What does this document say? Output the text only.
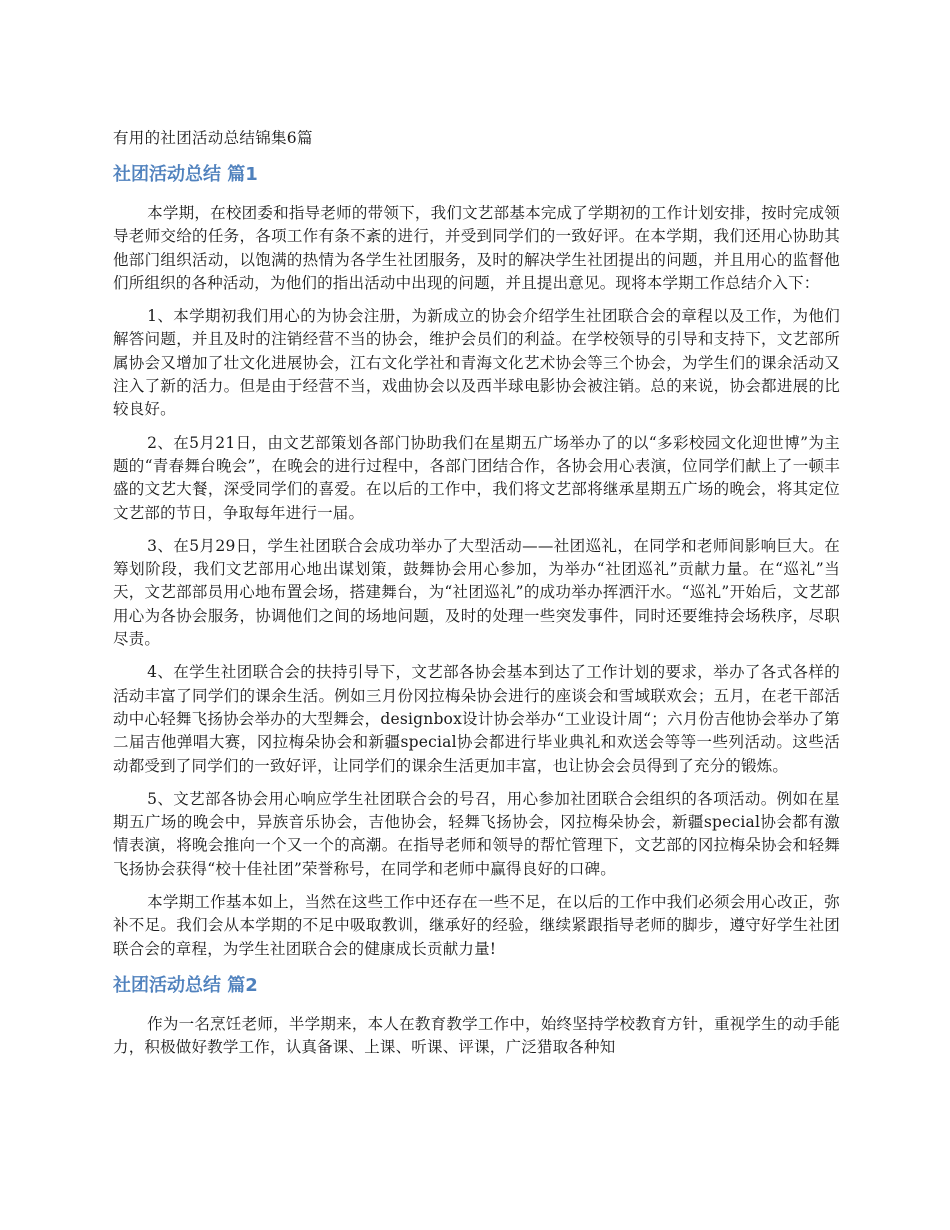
有用的社团活动总结锦集6篇
社团活动总结 篇1

本学期，在校团委和指导老师的带领下，我们文艺部基本完成了学期初的工作计划安排，按时完成领导老师交给的任务，各项工作有条不紊的进行，并受到同学们的一致好评。在本学期，我们还用心协助其他部门组织活动，以饱满的热情为各学生社团服务，及时的解决学生社团提出的问题，并且用心的监督他们所组织的各种活动，为他们的指出活动中出现的问题，并且提出意见。现将本学期工作总结介入下：

1、本学期初我们用心的为协会注册，为新成立的协会介绍学生社团联合会的章程以及工作，为他们解答问题，并且及时的注销经营不当的协会，维护会员们的利益。在学校领导的引导和支持下，文艺部所属协会又增加了壮文化进展协会，江右文化学社和青海文化艺术协会等三个协会，为学生们的课余活动又注入了新的活力。但是由于经营不当，戏曲协会以及西半球电影协会被注销。总的来说，协会都进展的比较良好。

2、在5月21日，由文艺部策划各部门协助我们在星期五广场举办了的以“多彩校园文化迎世博”为主题的“青春舞台晚会”，在晚会的进行过程中，各部门团结合作，各协会用心表演，位同学们献上了一顿丰盛的文艺大餐，深受同学们的喜爱。在以后的工作中，我们将文艺部将继承星期五广场的晚会，将其定位文艺部的节日，争取每年进行一届。

3、在5月29日，学生社团联合会成功举办了大型活动——社团巡礼，在同学和老师间影响巨大。在筹划阶段，我们文艺部用心地出谋划策，鼓舞协会用心参加，为举办“社团巡礼”贡献力量。在“巡礼”当天，文艺部部员用心地布置会场，搭建舞台，为“社团巡礼”的成功举办挥洒汗水。“巡礼”开始后，文艺部用心为各协会服务，协调他们之间的场地问题，及时的处理一些突发事件，同时还要维持会场秩序，尽职尽责。

4、在学生社团联合会的扶持引导下，文艺部各协会基本到达了工作计划的要求，举办了各式各样的活动丰富了同学们的课余生活。例如三月份冈拉梅朵协会进行的座谈会和雪域联欢会；五月，在老干部活动中心轻舞飞扬协会举办的大型舞会，designbox设计协会举办“工业设计周“；六月份吉他协会举办了第二届吉他弹唱大赛，冈拉梅朵协会和新疆special协会都进行毕业典礼和欢送会等等一些列活动。这些活动都受到了同学们的一致好评，让同学们的课余生活更加丰富，也让协会会员得到了充分的锻炼。

5、文艺部各协会用心响应学生社团联合会的号召，用心参加社团联合会组织的各项活动。例如在星期五广场的晚会中，异族音乐协会，吉他协会，轻舞飞扬协会，冈拉梅朵协会，新疆special协会都有激情表演，将晚会推向一个又一个的高潮。在指导老师和领导的帮忙管理下，文艺部的冈拉梅朵协会和轻舞飞扬协会获得“校十佳社团”荣誉称号，在同学和老师中赢得良好的口碑。

本学期工作基本如上，当然在这些工作中还存在一些不足，在以后的工作中我们必须会用心改正，弥补不足。我们会从本学期的不足中吸取教训，继承好的经验，继续紧跟指导老师的脚步，遵守好学生社团联合会的章程，为学生社团联合会的健康成长贡献力量!

社团活动总结 篇2

作为一名烹饪老师，半学期来，本人在教育教学工作中，始终坚持学校教育方针，重视学生的动手能力，积极做好教学工作，认真备课、上课、听课、评课，广泛猎取各种知
